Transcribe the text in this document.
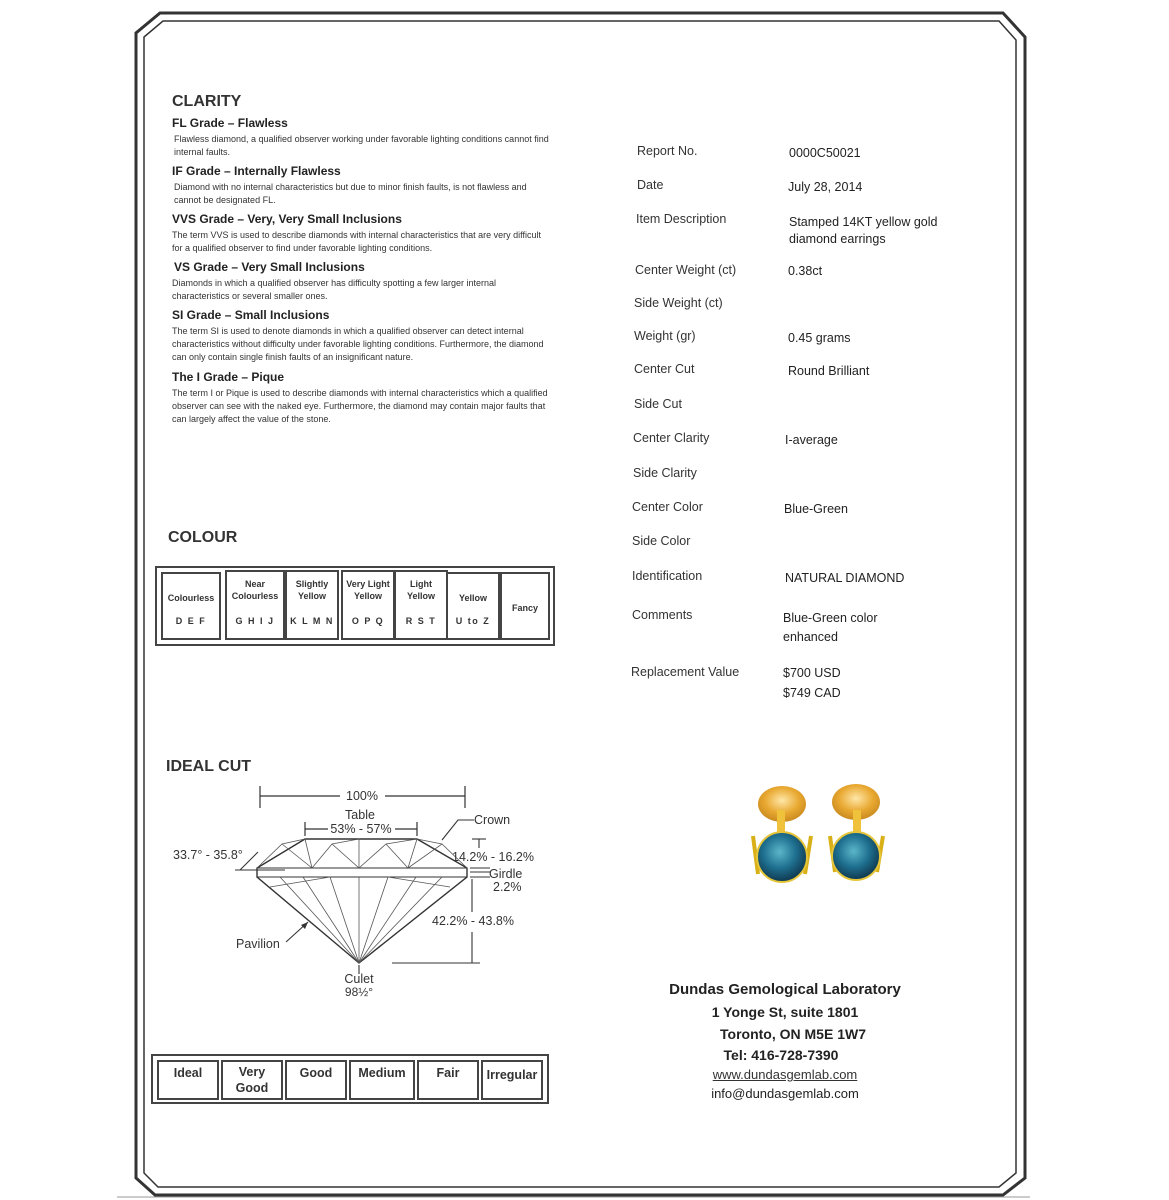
CLARITY
FL Grade – Flawless
Flawless diamond, a qualified observer working under favorable lighting conditions cannot find internal faults.
IF Grade – Internally Flawless
Diamond with no internal characteristics but due to minor finish faults, is not flawless and cannot be designated FL.
VVS Grade – Very, Very Small Inclusions
The term VVS is used to describe diamonds with internal characteristics that are very difficult for a qualified observer to find under favorable lighting conditions.
VS Grade – Very Small Inclusions
Diamonds in which a qualified observer has difficulty spotting a few larger internal characteristics or several smaller ones.
SI Grade – Small Inclusions
The term SI is used to denote diamonds in which a qualified observer can detect internal characteristics without difficulty under favorable lighting conditions. Furthermore, the diamond can only contain single finish faults of an insignificant nature.
The I Grade – Pique
The term I or Pique is used to describe diamonds with internal characteristics which a qualified observer can see with the naked eye. Furthermore, the diamond may contain major faults that can largely affect the value of the stone.
COLOUR
Colourless
D E F
Near Colourless
G H I J
Slightly Yellow
K L M N
Very Light Yellow
O P Q
Light Yellow
R S T
Yellow
U to Z
Fancy
IDEAL CUT
100%
Table
53% - 57%
Crown
33.7° - 35.8°	14.2% - 16.2%
Girdle
2.2%
42.2% - 43.8%
Pavilion
Culet
98½°
Ideal	Very Good
Good	Medium	Fair	Irregular
Report No.	0000C50021
Date	July 28, 2014
Item Description	Stamped 14KT yellow gold diamond earrings
Center Weight (ct)	0.38ct
Side Weight (ct)
Weight (gr)	0.45 grams
Center Cut	Round Brilliant
Side Cut
Center Clarity	I-average
Side Clarity
Center Color	Blue-Green
Side Color
Identification	NATURAL DIAMOND
Comments	Blue-Green color enhanced
Replacement Value	$700 USD
$749 CAD
Dundas Gemological Laboratory
1 Yonge St, suite 1801
Toronto, ON M5E 1W7
Tel: 416-728-7390
www.dundasgemlab.com
info@dundasgemlab.com
